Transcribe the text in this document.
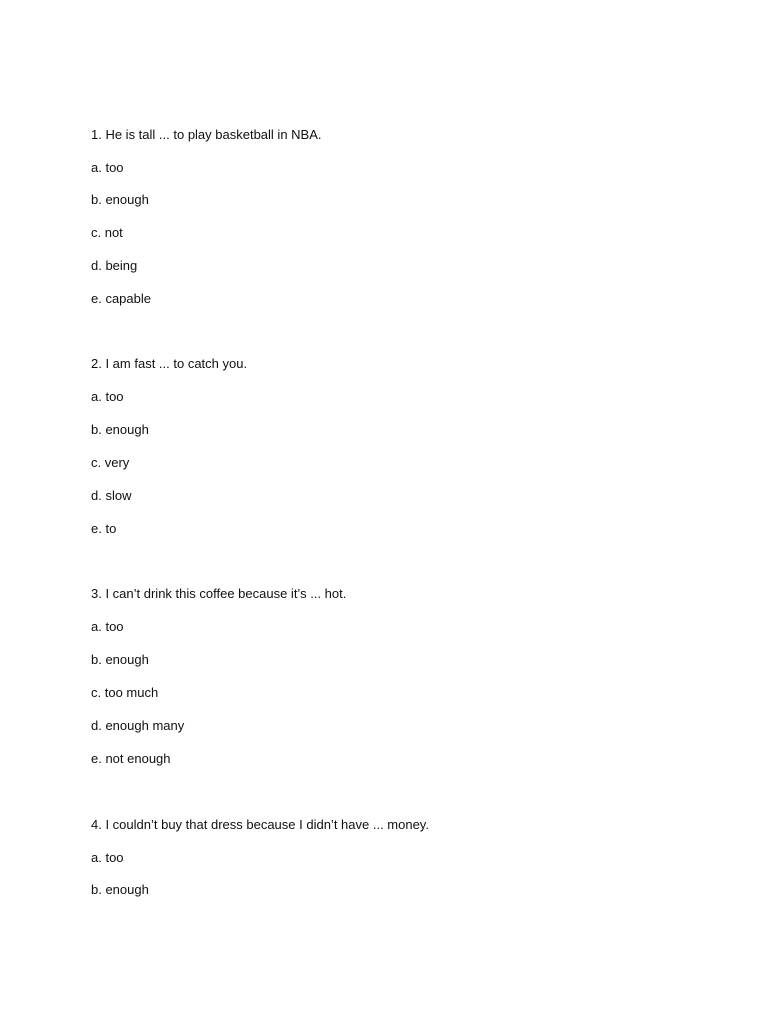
1. He is tall ... to play basketball in NBA.
a. too
b. enough
c. not
d. being
e. capable
2. I am fast ... to catch you.
a. too
b. enough
c. very
d. slow
e. to
3. I can’t drink this coffee because it’s ... hot.
a. too
b. enough
c. too much
d. enough many
e. not enough
4. I couldn’t buy that dress because I didn’t have ... money.
a. too
b. enough
